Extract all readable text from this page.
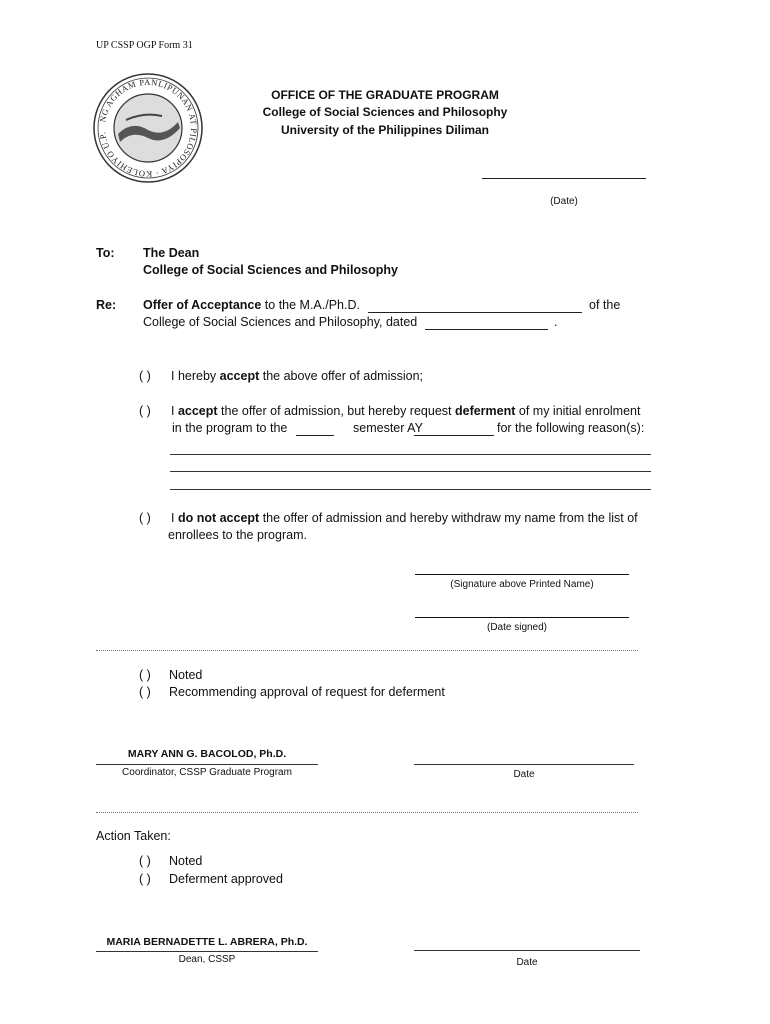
UP CSSP OGP Form 31
NG AGHAM PANLIPUNAN AT PILOSOPIYA · KOLEHIYO U.P.
OFFICE OF THE GRADUATE PROGRAM
College of Social Sciences and Philosophy
University of the Philippines Diliman
(Date)
To: The Dean
College of Social Sciences and Philosophy
Re: Offer of Acceptance to the M.A./Ph.D.	of the
College of Social Sciences and Philosophy, dated	.
( ) I hereby accept the above offer of admission;
( ) I accept the offer of admission, but hereby request deferment of my initial enrolment
in the program to the	semester AY	for the following reason(s):
( ) I do not accept the offer of admission and hereby withdraw my name from the list of
enrollees to the program.
(Signature above Printed Name)
(Date signed)
( ) Noted
( ) Recommending approval of request for deferment
MARY ANN G. BACOLOD, Ph.D.
Coordinator, CSSP Graduate Program	Date
Action Taken:
( ) Noted
( ) Deferment approved
MARIA BERNADETTE L. ABRERA, Ph.D.
Dean, CSSP	Date
